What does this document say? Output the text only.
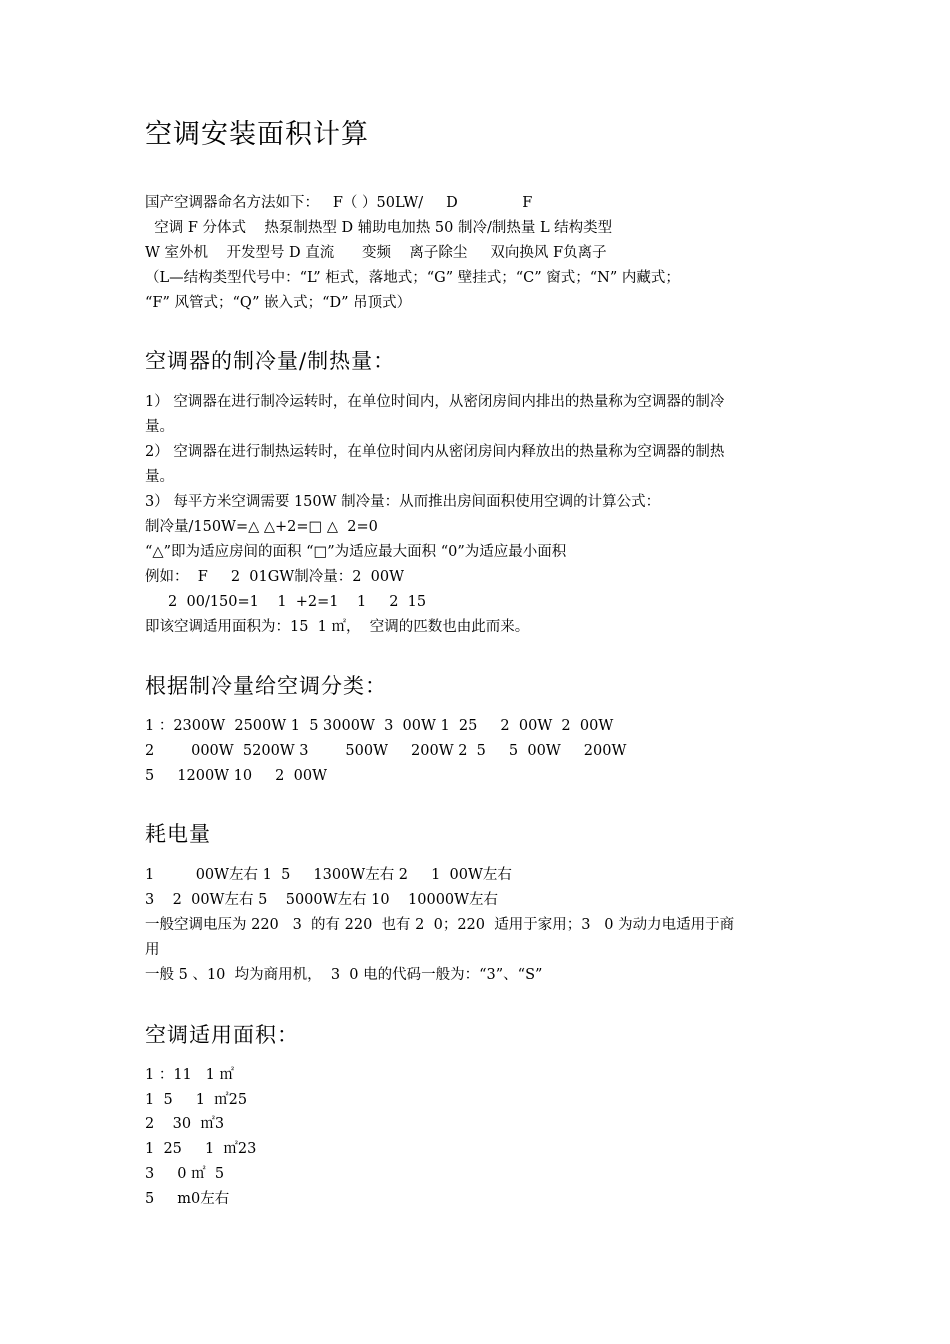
空调安装面积计算

国产空调器命名方法如下：   F（ ）50LW/     D              F

空调 F 分体式    热泵制热型 D 辅助电加热 50 制冷/制热量 L 结构类型

W 室外机    开发型号 D 直流      变频    离子除尘     双向换风 F负离子

（L—结构类型代号中：“L” 柜式，落地式；“G” 壁挂式；“C” 窗式；“N” 内藏式；

“F” 风管式；“Q” 嵌入式；“D” 吊顶式）

空调器的制冷量/制热量：

1） 空调器在进行制冷运转时，在单位时间内，从密闭房间内排出的热量称为空调器的制冷

量。

2） 空调器在进行制热运转时，在单位时间内从密闭房间内释放出的热量称为空调器的制热

量。

3） 每平方米空调需要 150W 制冷量：从而推出房间面积使用空调的计算公式：

制冷量/150W=△ △+2=□ △  2=0

“△”即为适应房间的面积 “□”为适应最大面积 “0”为适应最小面积

例如：  F     2  01GW制冷量：2  00W

2  00/150=1    1  +2=1    1     2  15

即该空调适用面积为：15  1 ㎡，  空调的匹数也由此而来。

根据制冷量给空调分类：

1 ：2300W  2500W 1  5 3000W  3  00W 1  25     2  00W  2  00W

2        000W  5200W 3        500W     200W 2  5     5  00W     200W

5     1200W 10     2  00W

耗电量

1         00W左右 1  5     1300W左右 2     1  00W左右

3    2  00W左右 5    5000W左右 10    10000W左右

一般空调电压为 220   3  的有 220  也有 2  0；220  适用于家用；3   0 为动力电适用于商

用

一般 5 、10  均为商用机，  3  0 电的代码一般为：“3”、“S”

空调适用面积：

1 ：11   1 ㎡

1  5     1  ㎡25

2    30  ㎡3

1  25     1  ㎡23

3     0 ㎡  5

5     m0左右
